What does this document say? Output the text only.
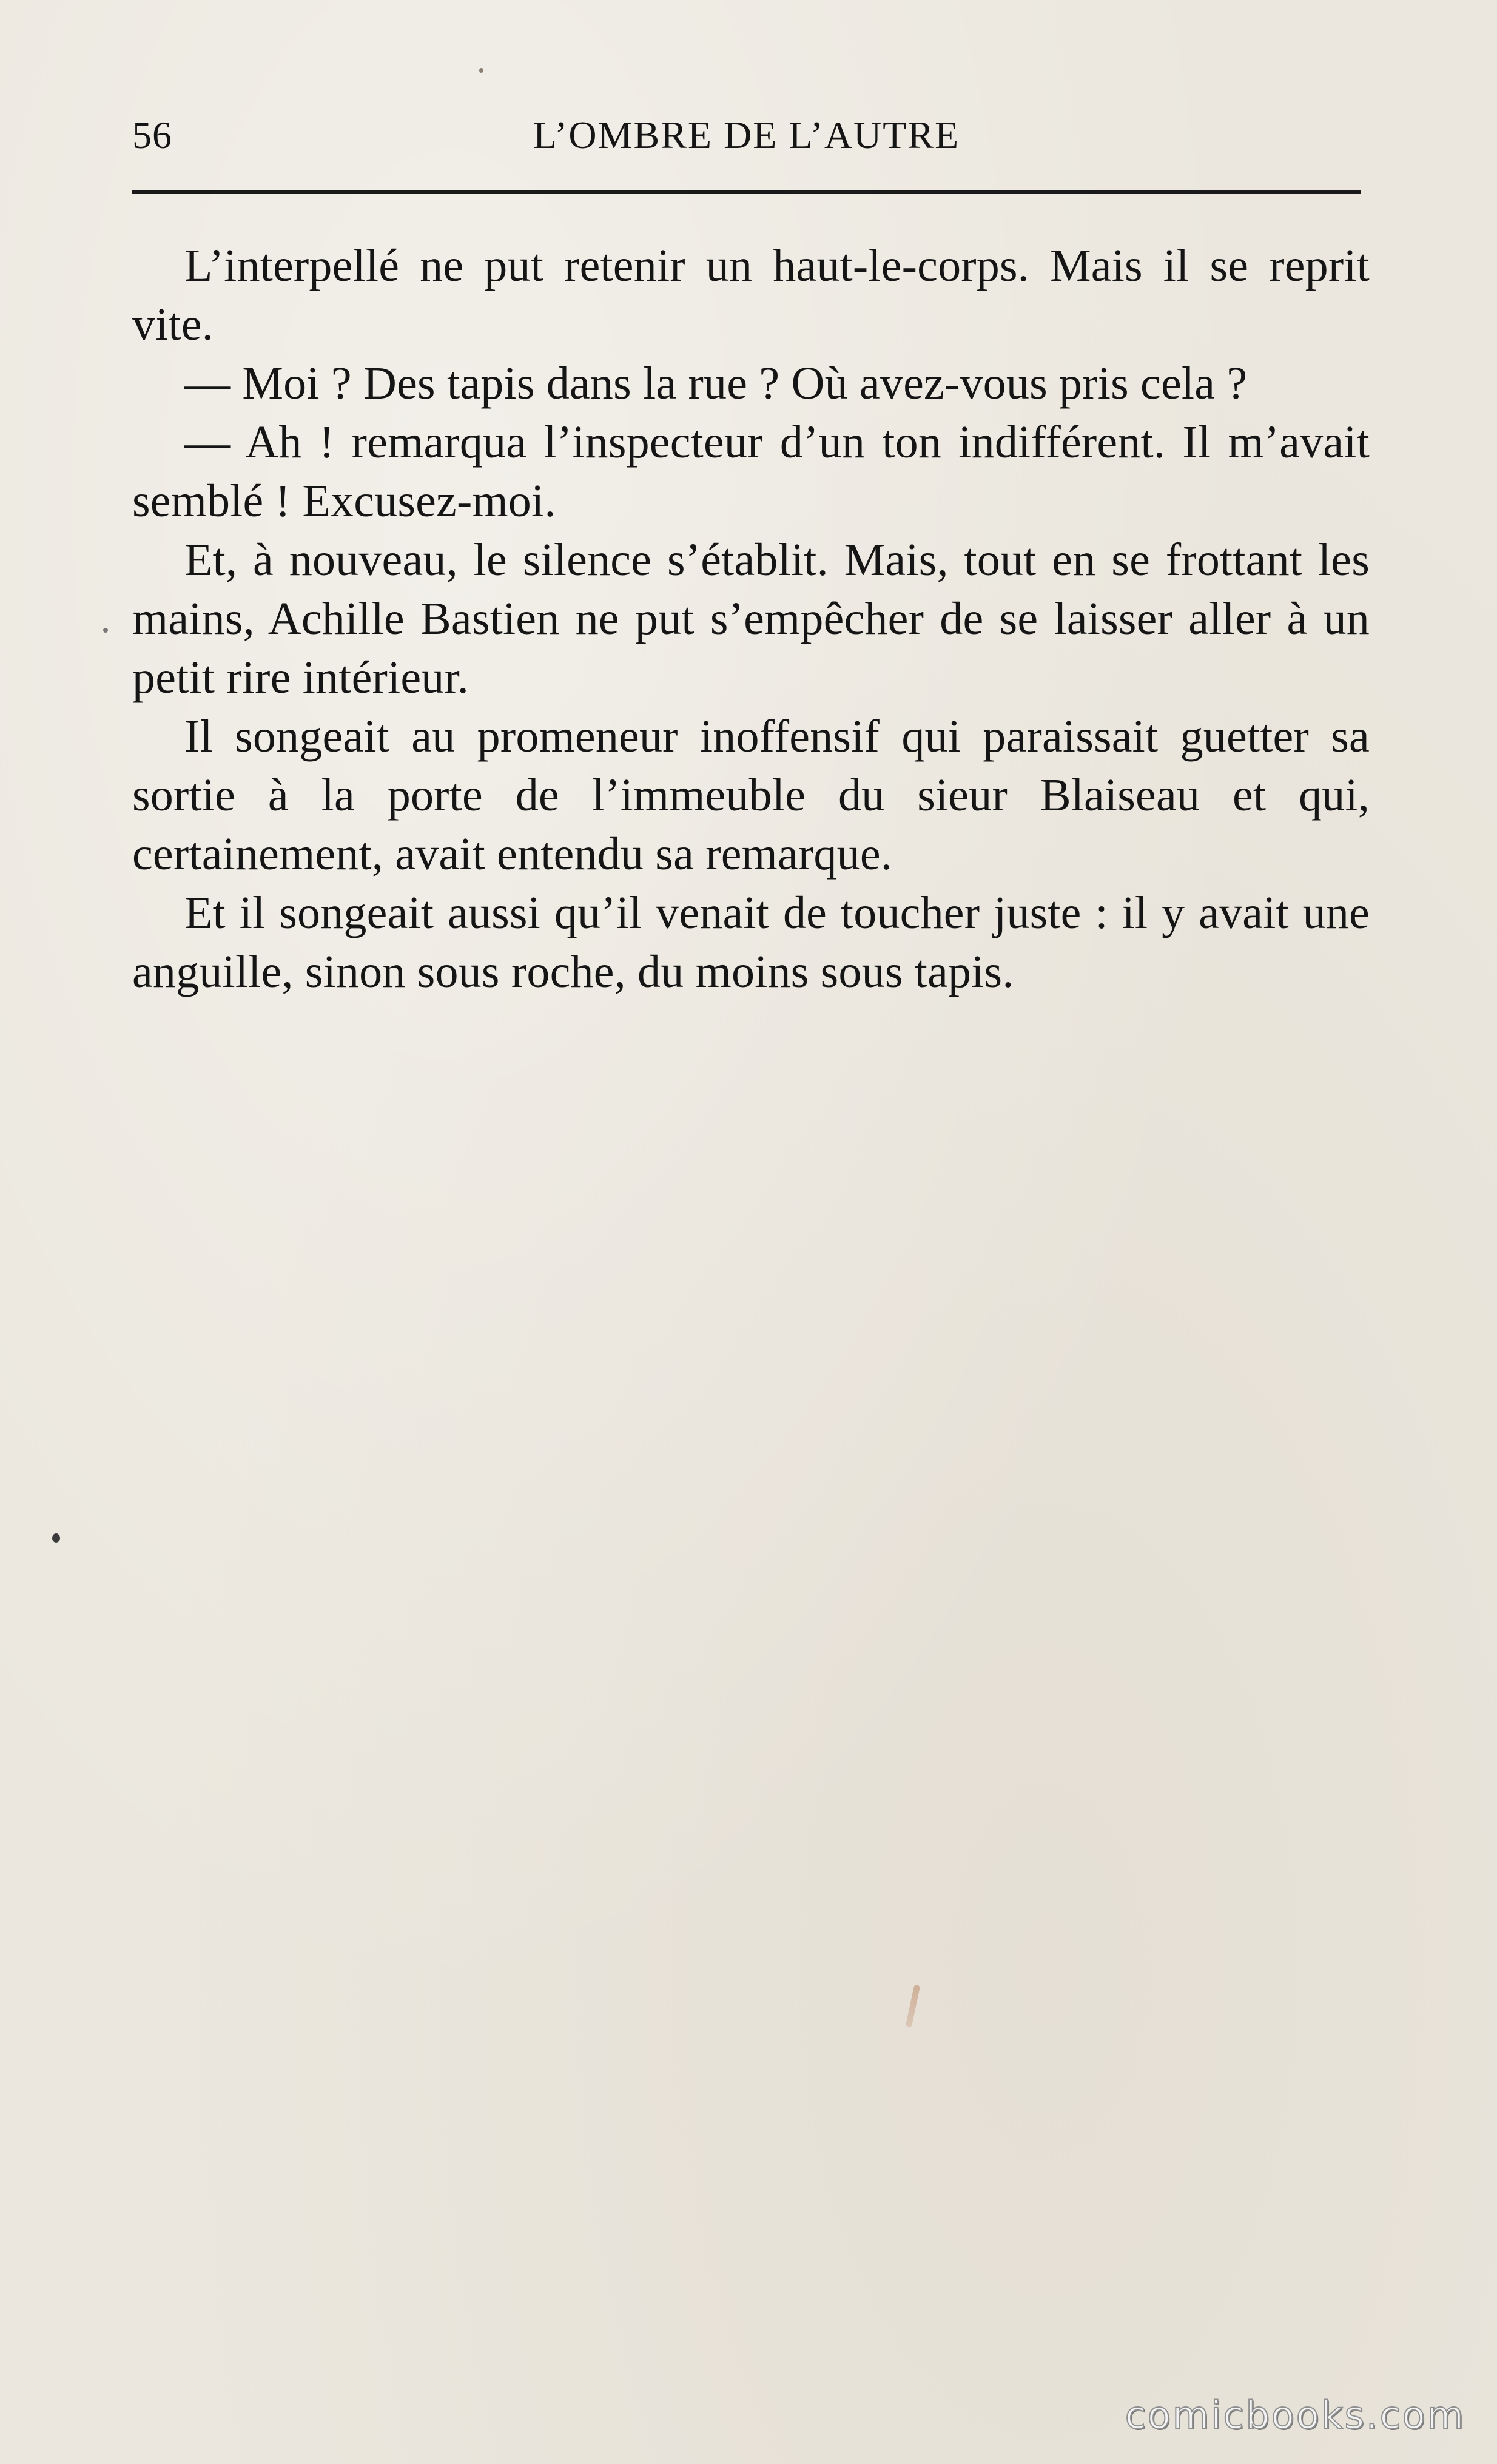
56	L’OMBRE DE L’AUTRE

L’interpellé ne put retenir un haut-le-corps. Mais il se reprit vite.

— Moi ? Des tapis dans la rue ? Où avez-vous pris cela ?

— Ah ! remarqua l’inspecteur d’un ton indifférent. Il m’avait semblé ! Excusez-moi.

Et, à nouveau, le silence s’établit. Mais, tout en se frottant les mains, Achille Bastien ne put s’empêcher de se laisser aller à un petit rire intérieur.

Il songeait au promeneur inoffensif qui paraissait guetter sa sortie à la porte de l’immeuble du sieur Blaiseau et qui, certainement, avait entendu sa remarque.

Et il songeait aussi qu’il venait de toucher juste : il y avait une anguille, sinon sous roche, du moins sous tapis.

comicbooks.com
